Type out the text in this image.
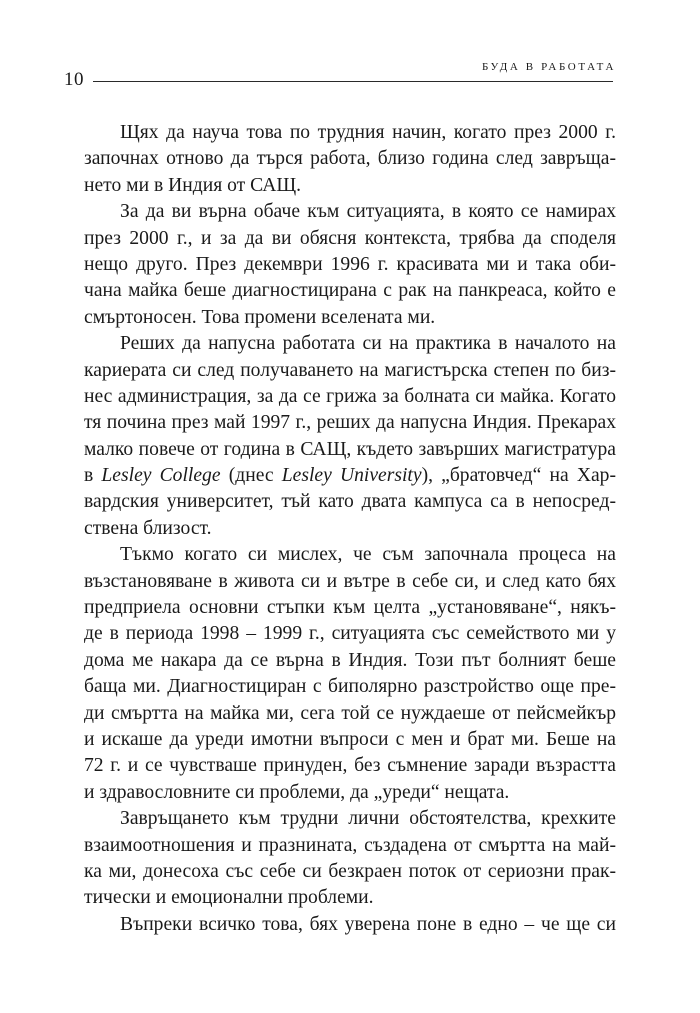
10
БУДА В РАБОТАТА
Щях да науча това по трудния начин, когато през 2000 г.
започнах отново да търся работа, близо година след завръща-
нето ми в Индия от САЩ.
За да ви върна обаче към ситуацията, в която се намирах
през 2000 г., и за да ви обясня контекста, трябва да споделя
нещо друго. През декември 1996 г. красивата ми и така оби-
чана майка беше диагностицирана с рак на панкреаса, който е
смъртоносен. Това промени вселената ми.
Реших да напусна работата си на практика в началото на
кариерата си след получаването на магистърска степен по биз-
нес администрация, за да се грижа за болната си майка. Когато
тя почина през май 1997 г., реших да напусна Индия. Прекарах
малко повече от година в САЩ, където завърших магистратура
в Lesley College (днес Lesley University), „братовчед“ на Хар-
вардския университет, тъй като двата кампуса са в непосред-
ствена близост.
Тъкмо когато си мислех, че съм започнала процеса на
възстановяване в живота си и вътре в себе си, и след като бях
предприела основни стъпки към целта „установяване“, някъ-
де в периода 1998 – 1999 г., ситуацията със семейството ми у
дома ме накара да се върна в Индия. Този път болният беше
баща ми. Диагностициран с биполярно разстройство още пре-
ди смъртта на майка ми, сега той се нуждаеше от пейсмейкър
и искаше да уреди имотни въпроси с мен и брат ми. Беше на
72 г. и се чувстваше принуден, без съмнение заради възрастта
и здравословните си проблеми, да „уреди“ нещата.
Завръщането към трудни лични обстоятелства, крехките
взаимоотношения и празнината, създадена от смъртта на май-
ка ми, донесоха със себе си безкраен поток от сериозни прак-
тически и емоционални проблеми.
Въпреки всичко това, бях уверена поне в едно – че ще си
